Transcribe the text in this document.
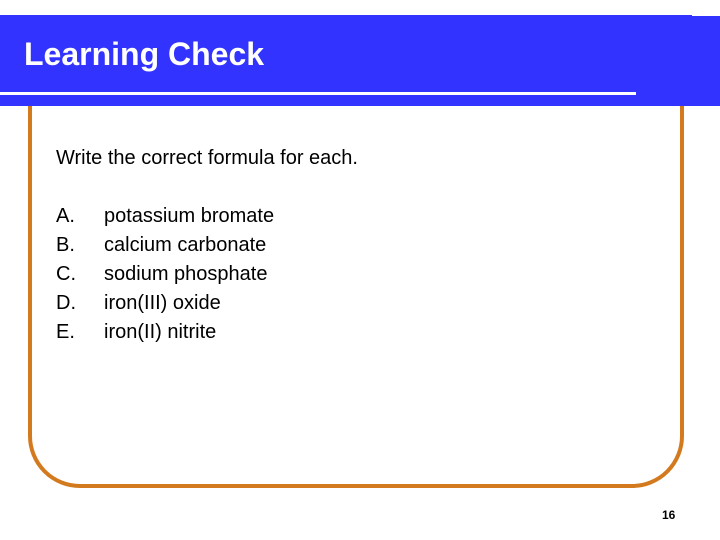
Learning Check
Write the correct formula for each.
A.	potassium bromate
B.	calcium carbonate
C.	sodium phosphate
D.	iron(III) oxide
E.	iron(II) nitrite
16
